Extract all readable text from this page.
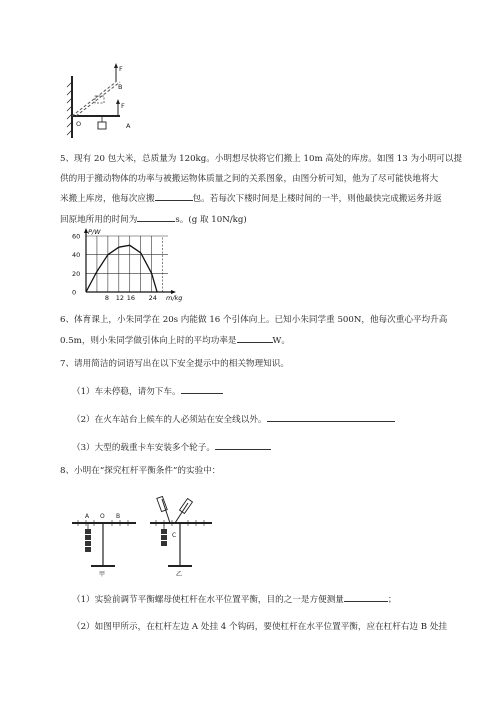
F
B
F
O	A
5、现有 20 包大米，总质量为 120kg。小明想尽快将它们搬上 10m 高处的库房。如图 13 为小明可以提
供的用于搬动物体的功率与被搬运物体质量之间的关系图象，由图分析可知，他为了尽可能快地将大
米搬上库房，他每次应搬	包。若每次下楼时间是上楼时间的一半，则他最快完成搬运务并返
回原地所用的时间为	s。(g 取 10N/kg)
0
20
40
60
8 12 16 24
P/W
m/kg
6、体育课上，小朱同学在 20s 内能做 16 个引体向上。已知小朱同学重 500N，他每次重心平均升高
0.5m，则小朱同学做引体向上时的平均功率是	W。
7、请用简洁的词语写出在以下安全提示中的相关物理知识。
（1）车未停稳，请勿下车。
（2）在火车站台上候车的人必须站在安全线以外。
（3）大型的载重卡车安装多个轮子。
8、小明在“探究杠杆平衡条件”的实验中：
A O B
甲
C
乙
（1）实验前调节平衡螺母使杠杆在水平位置平衡，目的之一是方便测量	；
（2）如图甲所示，在杠杆左边 A 处挂 4 个钩码，要使杠杆在水平位置平衡，应在杠杆右边 B 处挂
